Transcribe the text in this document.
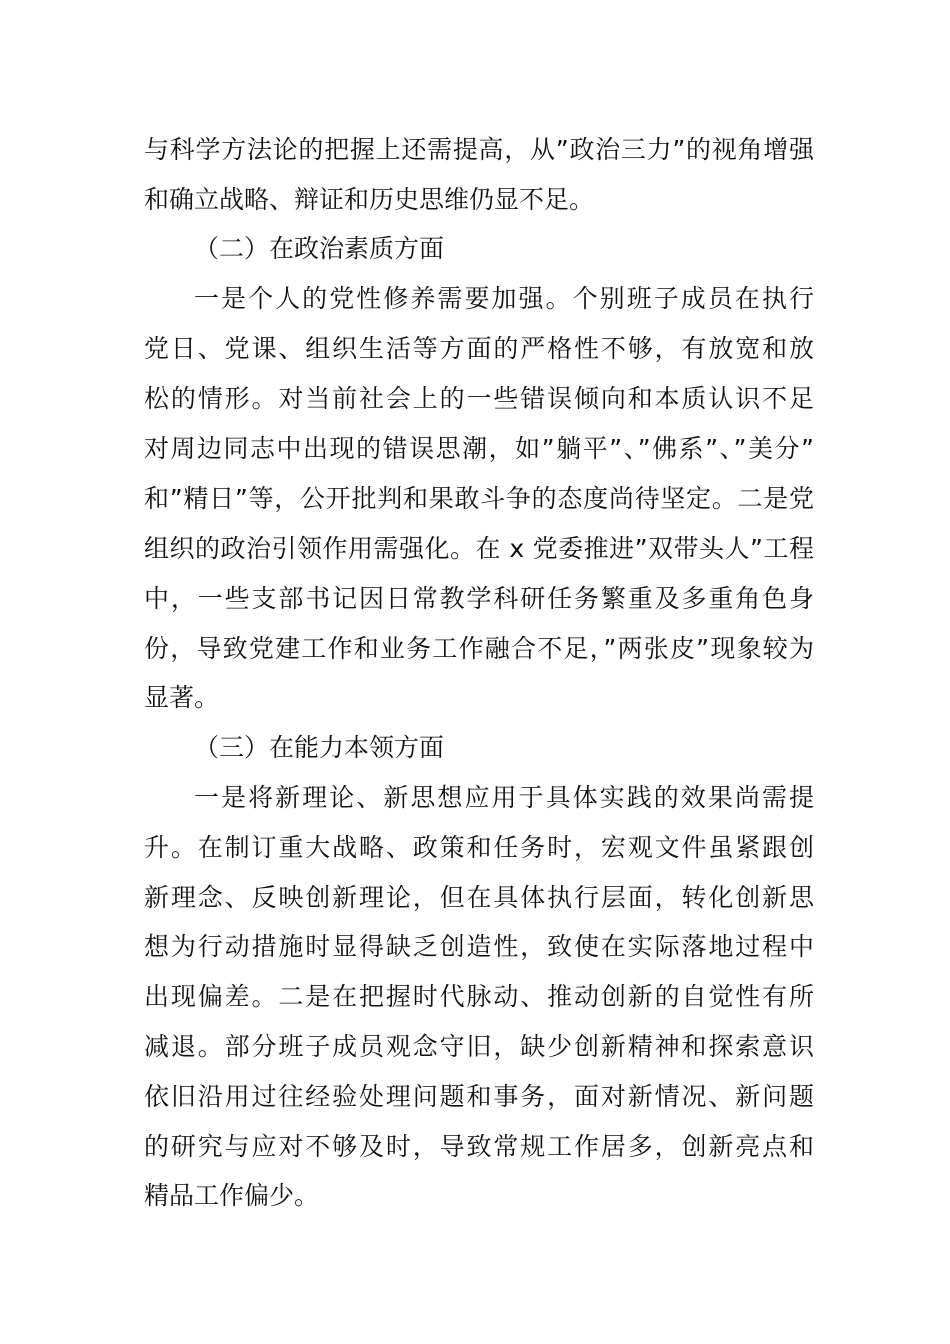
与科学方法论的把握上还需提高，从”政治三力”的视角增强
和确立战略、辩证和历史思维仍显不足。
（二）在政治素质方面
一是个人的党性修养需要加强。个别班子成员在执行
党日、党课、组织生活等方面的严格性不够，有放宽和放
松的情形。对当前社会上的一些错误倾向和本质认识不足
对周边同志中出现的错误思潮，如”躺平”、”佛系”、”美分”
和”精日”等，公开批判和果敢斗争的态度尚待坚定。二是党
组织的政治引领作用需强化。在 x 党委推进”双带头人”工程
中，一些支部书记因日常教学科研任务繁重及多重角色身
份，导致党建工作和业务工作融合不足，”两张皮”现象较为
显著。
（三）在能力本领方面
一是将新理论、新思想应用于具体实践的效果尚需提
升。在制订重大战略、政策和任务时，宏观文件虽紧跟创
新理念、反映创新理论，但在具体执行层面，转化创新思
想为行动措施时显得缺乏创造性，致使在实际落地过程中
出现偏差。二是在把握时代脉动、推动创新的自觉性有所
减退。部分班子成员观念守旧，缺少创新精神和探索意识
依旧沿用过往经验处理问题和事务，面对新情况、新问题
的研究与应对不够及时，导致常规工作居多，创新亮点和
精品工作偏少。
